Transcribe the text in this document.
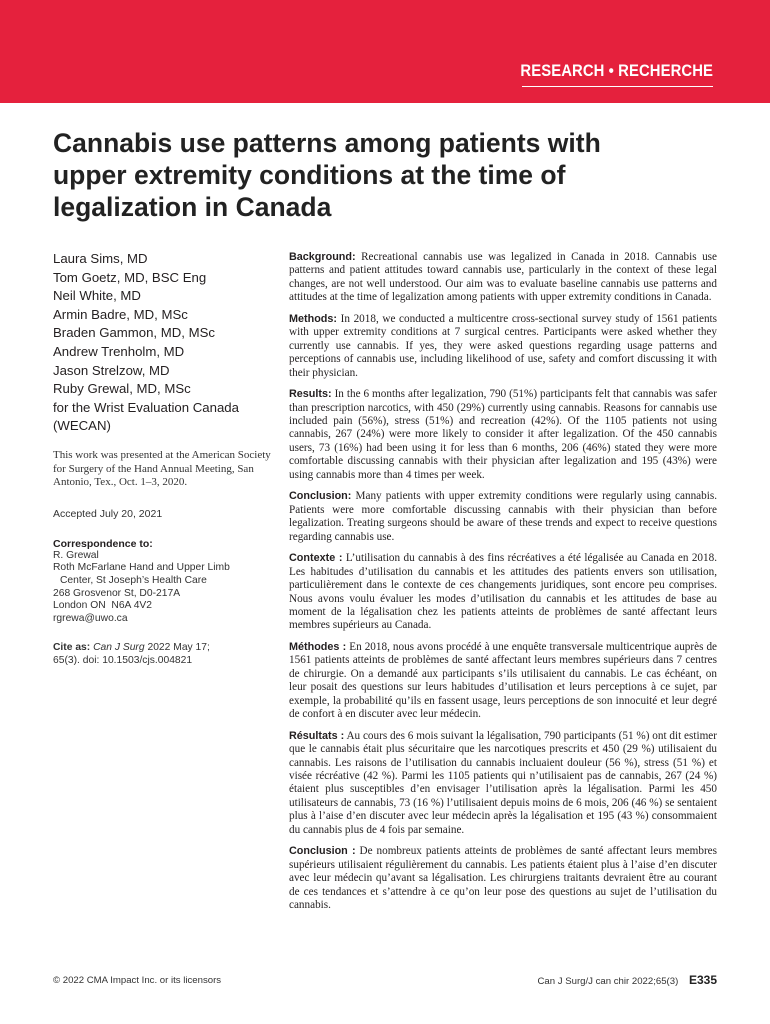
RESEARCH • RECHERCHE
Cannabis use patterns among patients with upper extremity conditions at the time of legalization in Canada
Laura Sims, MD
Tom Goetz, MD, BSC Eng
Neil White, MD
Armin Badre, MD, MSc
Braden Gammon, MD, MSc
Andrew Trenholm, MD
Jason Strelzow, MD
Ruby Grewal, MD, MSc
for the Wrist Evaluation Canada
(WECAN)
This work was presented at the American Society for Surgery of the Hand Annual Meeting, San Antonio, Tex., Oct. 1–3, 2020.
Accepted July 20, 2021
Correspondence to:
R. Grewal
Roth McFarlane Hand and Upper Limb
Center, St Joseph’s Health Care
268 Grosvenor St, D0-217A
London ON  N6A 4V2
rgrewa@uwo.ca
Cite as: Can J Surg 2022 May 17;
65(3). doi: 10.1503/cjs.004821

Background: Recreational cannabis use was legalized in Canada in 2018. Cannabis use patterns and patient attitudes toward cannabis use, particularly in the context of these legal changes, are not well understood. Our aim was to evaluate baseline cannabis use patterns and attitudes at the time of legalization among patients with upper extremity conditions in Canada.

Methods: In 2018, we conducted a multicentre cross-sectional survey study of 1561 patients with upper extremity conditions at 7 surgical centres. Participants were asked whether they currently use cannabis. If yes, they were asked questions regarding usage patterns and perceptions of cannabis use, including likelihood of use, safety and comfort discussing it with their physician.

Results: In the 6 months after legalization, 790 (51%) participants felt that cannabis was safer than prescription narcotics, with 450 (29%) currently using cannabis. Reasons for cannabis use included pain (56%), stress (51%) and recreation (42%). Of the 1105 patients not using cannabis, 267 (24%) were more likely to consider it after legalization. Of the 450 cannabis users, 73 (16%) had been using it for less than 6 months, 206 (46%) stated they were more comfortable discussing cannabis with their physician after legalization and 195 (43%) were using cannabis more than 4 times per week.

Conclusion: Many patients with upper extremity conditions were regularly using cannabis. Patients were more comfortable discussing cannabis with their physician than before legalization. Treating surgeons should be aware of these trends and expect to receive questions regarding cannabis use.

Contexte : L’utilisation du cannabis à des fins récréatives a été légalisée au Canada en 2018. Les habitudes d’utilisation du cannabis et les attitudes des patients envers son utilisation, particulièrement dans le contexte de ces changements juridiques, sont encore peu comprises. Nous avons voulu évaluer les modes d’utilisation du cannabis et les attitudes de base au moment de la légalisation chez les patients atteints de problèmes de santé affectant leurs membres supérieurs au Canada.

Méthodes : En 2018, nous avons procédé à une enquête transversale multicentrique auprès de 1561 patients atteints de problèmes de santé affectant leurs membres supérieurs dans 7 centres de chirurgie. On a demandé aux participants s’ils utilisaient du cannabis. Le cas échéant, on leur posait des questions sur leurs habitudes d’utilisation et leurs perceptions à ce sujet, par exemple, la probabilité qu’ils en fassent usage, leurs perceptions de son innocuité et leur degré de confort à en discuter avec leur médecin.

Résultats : Au cours des 6 mois suivant la légalisation, 790 participants (51 %) ont dit estimer que le cannabis était plus sécuritaire que les narcotiques prescrits et 450 (29 %) utilisaient du cannabis. Les raisons de l’utilisation du cannabis incluaient douleur (56 %), stress (51 %) et visée récréative (42 %). Parmi les 1105 patients qui n’utilisaient pas de cannabis, 267 (24 %) étaient plus susceptibles d’en envisager l’utilisation après la légalisation. Parmi les 450 utilisateurs de cannabis, 73 (16 %) l’utilisaient depuis moins de 6 mois, 206 (46 %) se sentaient plus à l’aise d’en discuter avec leur médecin après la légalisation et 195 (43 %) consommaient du cannabis plus de 4 fois par semaine.

Conclusion : De nombreux patients atteints de problèmes de santé affectant leurs membres supérieurs utilisaient régulièrement du cannabis. Les patients étaient plus à l’aise d’en discuter avec leur médecin qu’avant sa légalisation. Les chirurgiens traitants devraient être au courant de ces tendances et s’attendre à ce qu’on leur pose des questions au sujet de l’utilisation du cannabis.

© 2022 CMA Impact Inc. or its licensors	Can J Surg/J can chir 2022;65(3) E335
